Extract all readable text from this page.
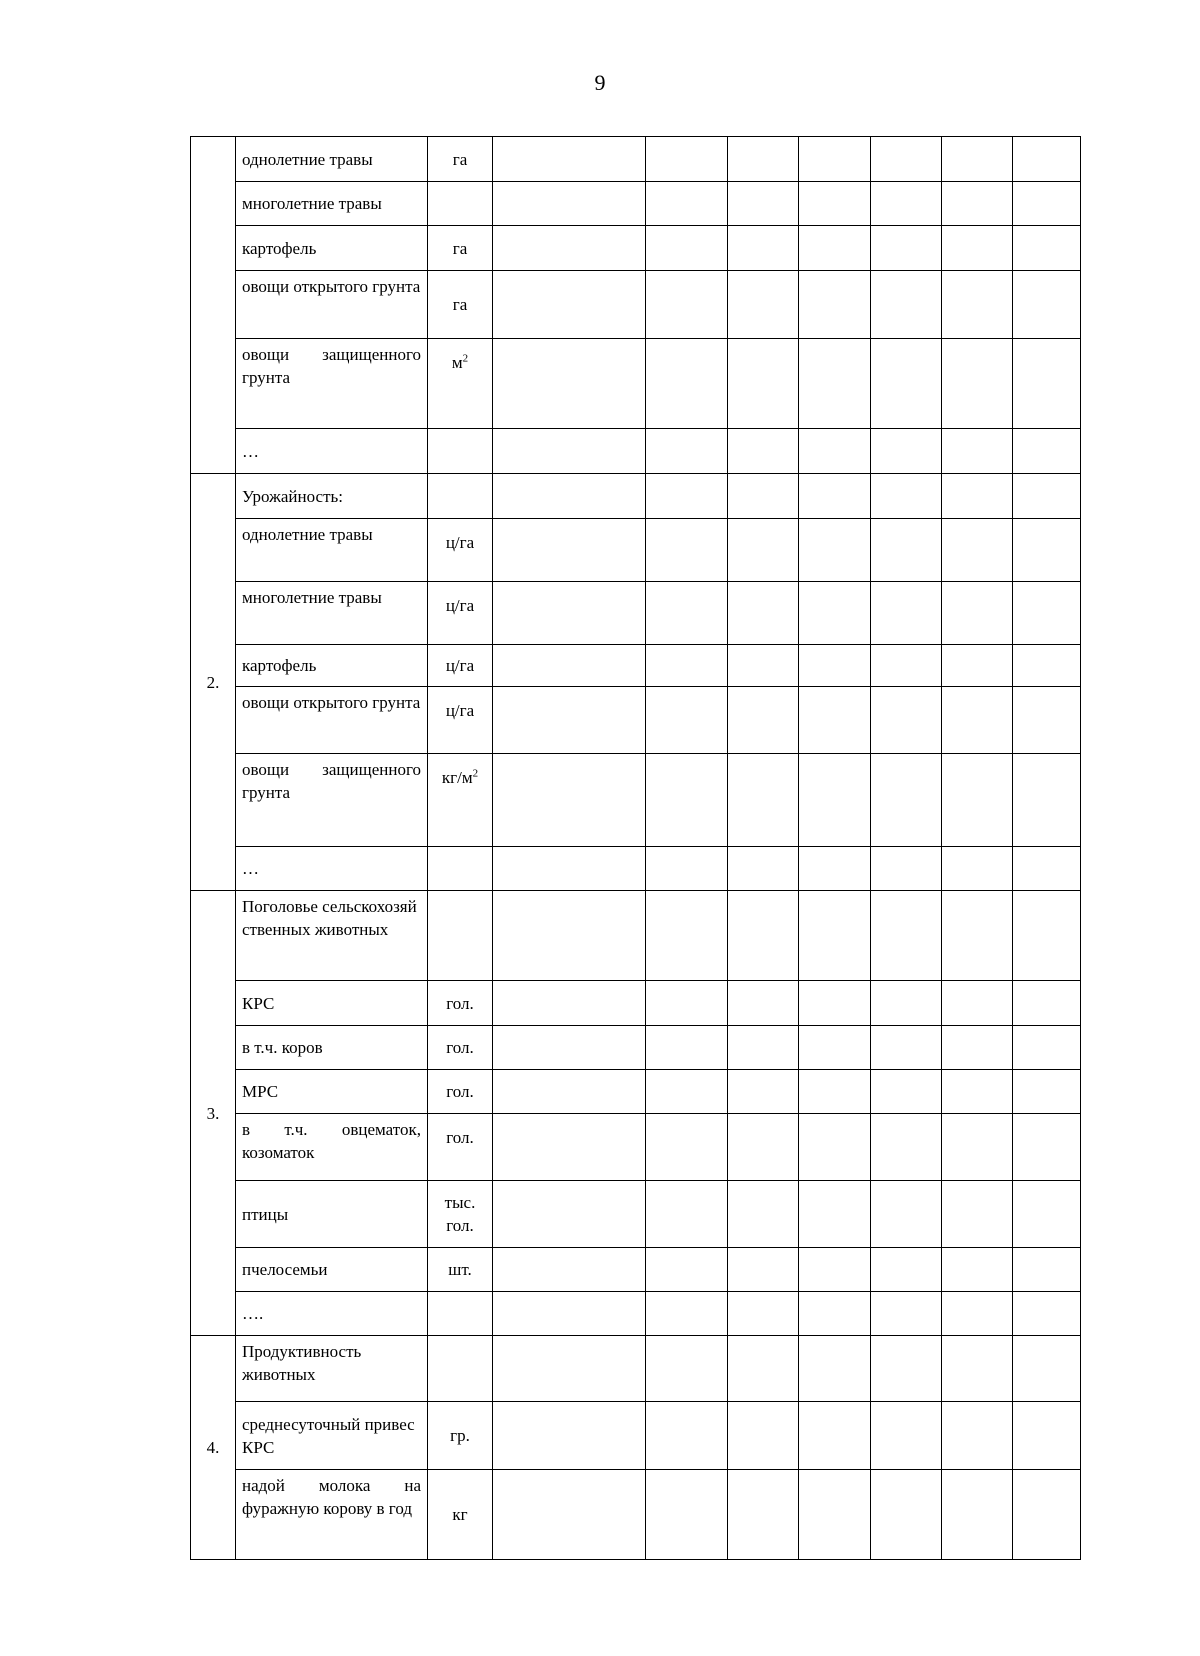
9
	однолетние травы	га							
	многолетние травы								
	картофель	га							
	овощи открытого грунта	га							
	овощи защищенного грунта	$м^2$							
	…								
2.	Урожайность:								
	однолетние травы	ц/га							
	многолетние травы	ц/га							
	картофель	ц/га							
	овощи открытого грунта	ц/га							
	овощи защищенного грунта	$кг/м^2$							
	…								
3.	Поголовье сельскохозяйственных животных								
	КРС	гол.							
	в т.ч. коров	гол.							
	МРС	гол.							
	в т.ч. овцематок, козоматок	гол.							
	птицы	тыс. гол.							
	пчелосемьи	шт.							
	….								
4.	Продуктивность животных								
	среднесуточный привес КРС	гр.							
	надой молока на фуражную корову в год	кг							
